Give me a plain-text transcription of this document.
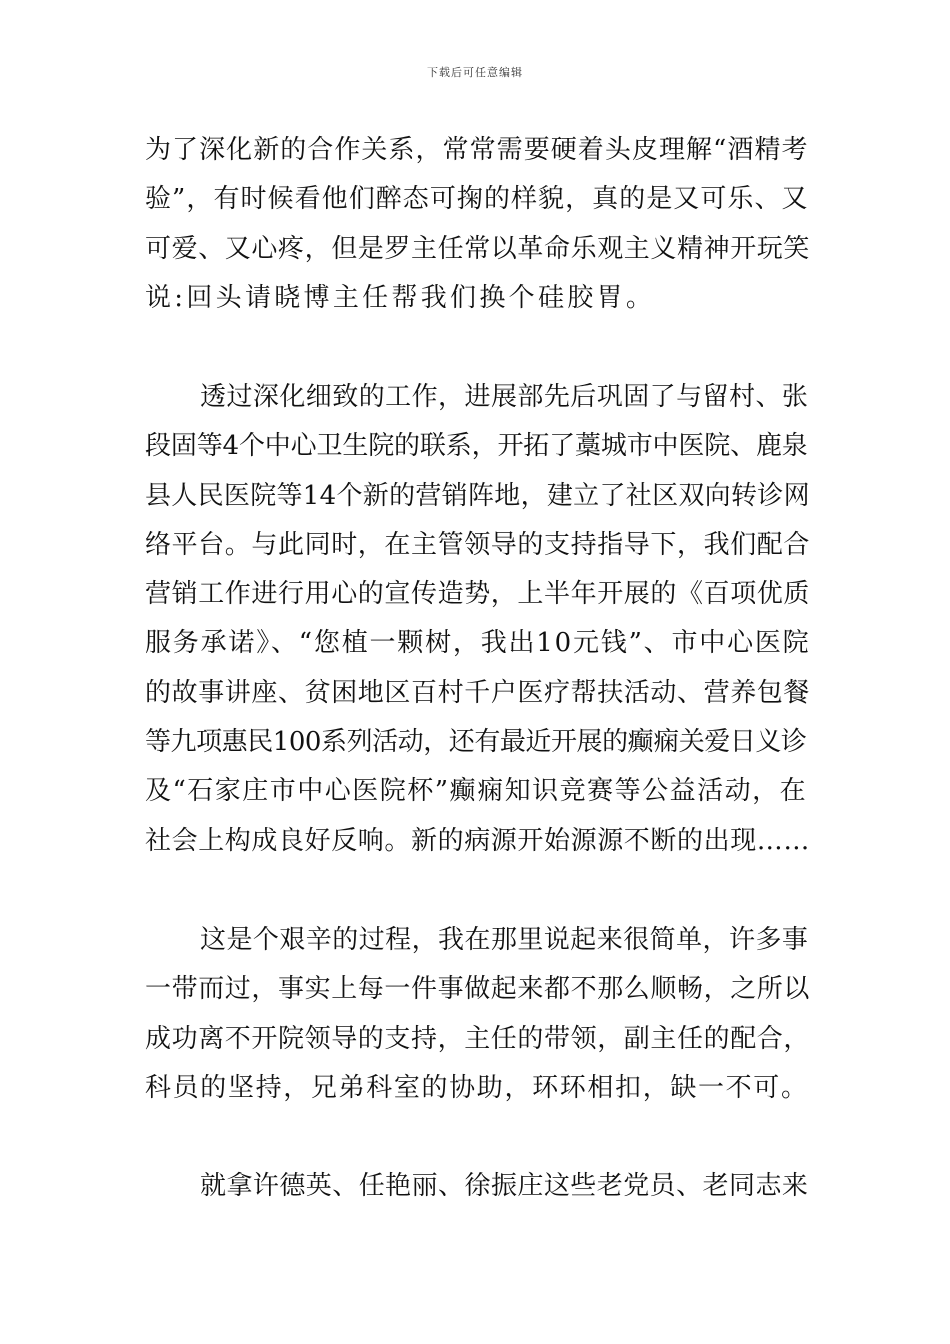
下载后可任意编辑

为了深化新的合作关系，常常需要硬着头皮理解“酒精考
验”，有时候看他们醉态可掬的样貌，真的是又可乐、又
可爱、又心疼，但是罗主任常以革命乐观主义精神开玩笑
说:回头请晓博主任帮我们换个硅胶胃。

透过深化细致的工作，进展部先后巩固了与留村、张
段固等4个中心卫生院的联系，开拓了藁城市中医院、鹿泉
县人民医院等14个新的营销阵地，建立了社区双向转诊网
络平台。与此同时，在主管领导的支持指导下，我们配合
营销工作进行用心的宣传造势，上半年开展的《百项优质
服务承诺》、“您植一颗树，我出10元钱”、市中心医院
的故事讲座、贫困地区百村千户医疗帮扶活动、营养包餐
等九项惠民100系列活动，还有最近开展的癫痫关爱日义诊
及“石家庄市中心医院杯”癫痫知识竞赛等公益活动，在
社会上构成良好反响。新的病源开始源源不断的出现……

这是个艰辛的过程，我在那里说起来很简单，许多事
一带而过，事实上每一件事做起来都不那么顺畅，之所以
成功离不开院领导的支持，主任的带领，副主任的配合，
科员的坚持，兄弟科室的协助，环环相扣，缺一不可。

就拿许德英、任艳丽、徐振庄这些老党员、老同志来
